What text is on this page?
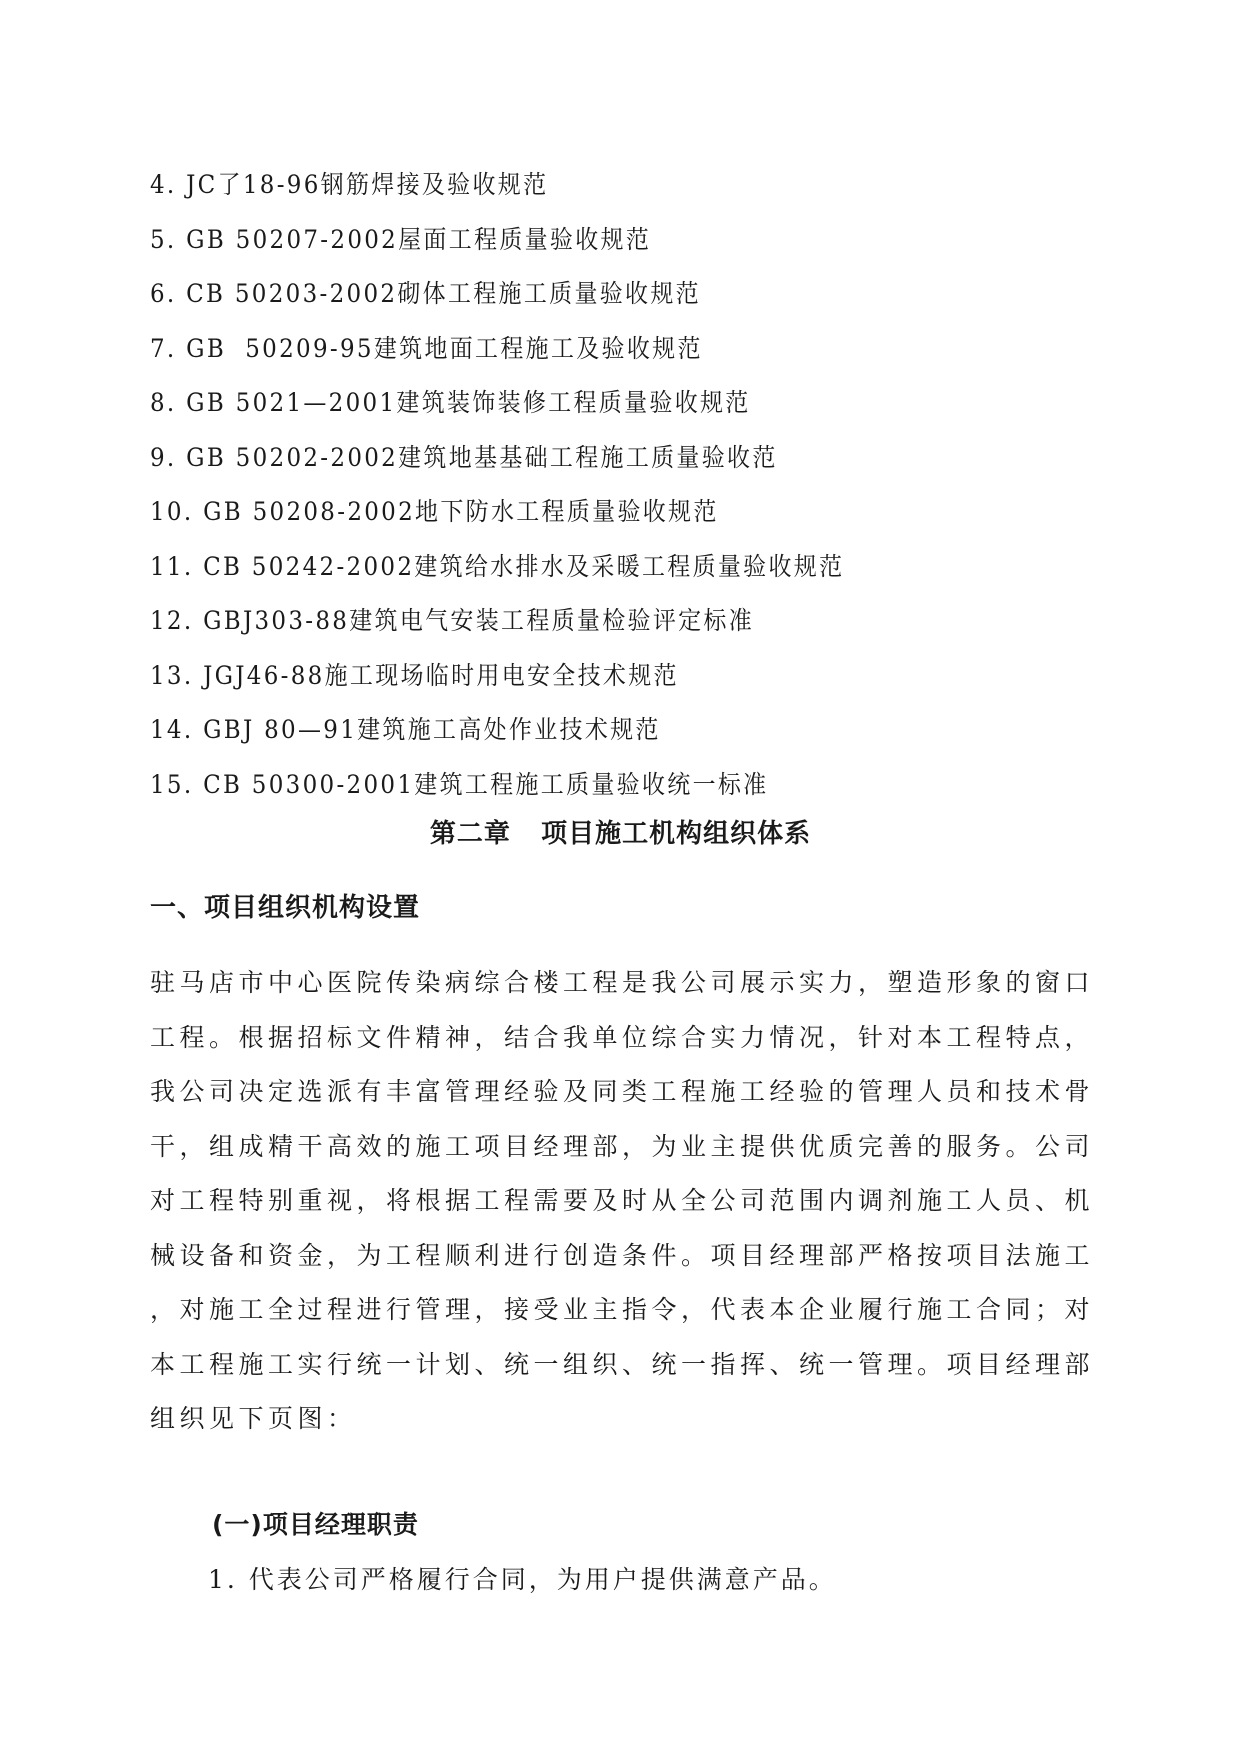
4. JC了18-96钢筋焊接及验收规范
5. GB 50207-2002屋面工程质量验收规范
6. CB 50203-2002砌体工程施工质量验收规范
7. GB  50209-95建筑地面工程施工及验收规范
8. GB 5021—2001建筑装饰装修工程质量验收规范
9. GB 50202-2002建筑地基基础工程施工质量验收范
10. GB 50208-2002地下防水工程质量验收规范
11. CB 50242-2002建筑给水排水及采暖工程质量验收规范
12. GBJ303-88建筑电气安装工程质量检验评定标准
13. JGJ46-88施工现场临时用电安全技术规范
14. GBJ 80—91建筑施工高处作业技术规范
15. CB 50300-2001建筑工程施工质量验收统一标准
第二章   项目施工机构组织体系
一、项目组织机构设置

驻马店市中心医院传染病综合楼工程是我公司展示实力，塑造形象的窗口
工程。根据招标文件精神，结合我单位综合实力情况，针对本工程特点，
我公司决定选派有丰富管理经验及同类工程施工经验的管理人员和技术骨
干，组成精干高效的施工项目经理部，为业主提供优质完善的服务。公司
对工程特别重视，将根据工程需要及时从全公司范围内调剂施工人员、机
械设备和资金，为工程顺利进行创造条件。项目经理部严格按项目法施工
，对施工全过程进行管理，接受业主指令，代表本企业履行施工合同；对
本工程施工实行统一计划、统一组织、统一指挥、统一管理。项目经理部
组织见下页图：

(一)项目经理职责
1. 代表公司严格履行合同，为用户提供满意产品。
